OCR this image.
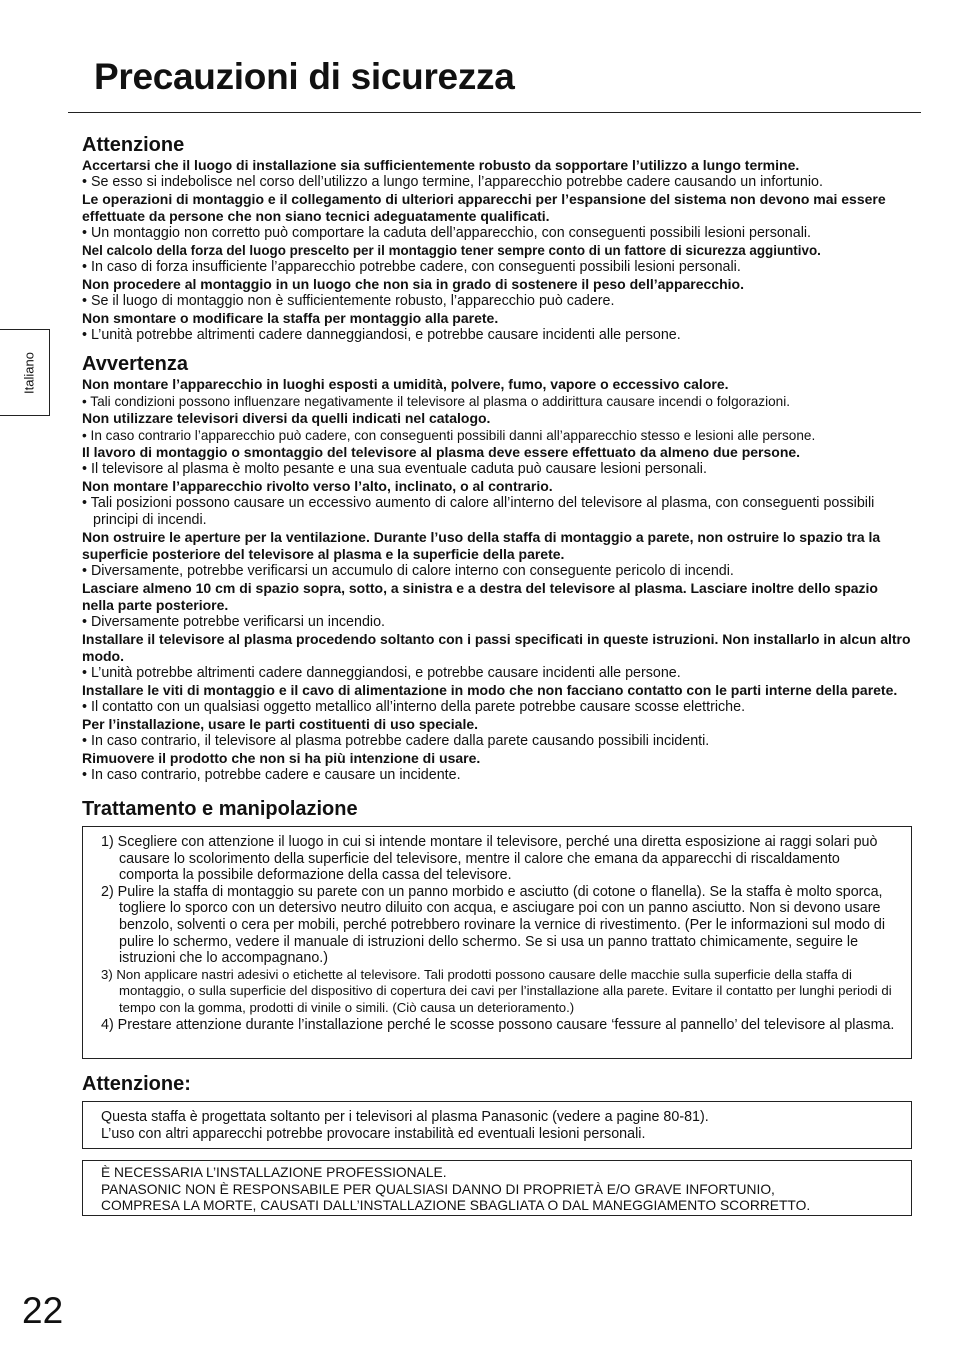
Precauzioni di sicurezza
Italiano
Attenzione

Accertarsi che il luogo di installazione sia sufficientemente robusto da sopportare l’utilizzo a lungo termine.

• Se esso si indebolisce nel corso dell’utilizzo a lungo termine, l’apparecchio potrebbe cadere causando un infortunio.

Le operazioni di montaggio e il collegamento di ulteriori apparecchi per l’espansione del sistema non devono mai essere effettuate da persone che non siano tecnici adeguatamente qualificati.

• Un montaggio non corretto può comportare la caduta dell’apparecchio, con conseguenti possibili lesioni personali.

Nel calcolo della forza del luogo prescelto per il montaggio tener sempre conto di un fattore di sicurezza aggiuntivo.

• In caso di forza insufficiente l’apparecchio potrebbe cadere, con conseguenti possibili lesioni personali.

Non procedere al montaggio in un luogo che non sia in grado di sostenere il peso dell’apparecchio.

• Se il luogo di montaggio non è sufficientemente robusto, l’apparecchio può cadere.

Non smontare o modificare la staffa per montaggio alla parete.

• L’unità potrebbe altrimenti cadere danneggiandosi, e potrebbe causare incidenti alle persone.

Avvertenza

Non montare l’apparecchio in luoghi esposti a umidità, polvere, fumo, vapore o eccessivo calore.

• Tali condizioni possono influenzare negativamente il televisore al plasma o addirittura causare incendi o folgorazioni.

Non utilizzare televisori diversi da quelli indicati nel catalogo.

• In caso contrario l’apparecchio può cadere, con conseguenti possibili danni all’apparecchio stesso e lesioni alle persone.

Il lavoro di montaggio o smontaggio del televisore al plasma deve essere effettuato da almeno due persone.

• Il televisore al plasma è molto pesante e una sua eventuale caduta può causare lesioni personali.

Non montare l’apparecchio rivolto verso l’alto, inclinato, o al contrario.

• Tali posizioni possono causare un eccessivo aumento di calore all’interno del televisore al plasma, con conseguenti possibili principi di incendi.

Non ostruire le aperture per la ventilazione. Durante l’uso della staffa di montaggio a parete, non ostruire lo spazio tra la superficie posteriore del televisore al plasma e la superficie della parete.

• Diversamente, potrebbe verificarsi un accumulo di calore interno con conseguente pericolo di incendi.

Lasciare almeno 10 cm di spazio sopra, sotto, a sinistra e a destra del televisore al plasma. Lasciare inoltre dello spazio nella parte posteriore.

• Diversamente potrebbe verificarsi un incendio.

Installare il televisore al plasma procedendo soltanto con i passi specificati in queste istruzioni. Non installarlo in alcun altro modo.

• L’unità potrebbe altrimenti cadere danneggiandosi, e potrebbe causare incidenti alle persone.

Installare le viti di montaggio e il cavo di alimentazione in modo che non facciano contatto con le parti interne della parete.

• Il contatto con un qualsiasi oggetto metallico all’interno della parete potrebbe causare scosse elettriche.

Per l’installazione, usare le parti costituenti di uso speciale.

• In caso contrario, il televisore al plasma potrebbe cadere dalla parete causando possibili incidenti.

Rimuovere il prodotto che non si ha più intenzione di usare.

• In caso contrario, potrebbe cadere e causare un incidente.

Trattamento e manipolazione

1) Scegliere con attenzione il luogo in cui si intende montare il televisore, perché una diretta esposizione ai raggi solari può causare lo scolorimento della superficie del televisore, mentre il calore che emana da apparecchi di riscaldamento comporta la possibile deformazione della cassa del televisore.

2) Pulire la staffa di montaggio su parete con un panno morbido e asciutto (di cotone o flanella). Se la staffa è molto sporca, togliere lo sporco con un detersivo neutro diluito con acqua, e asciugare poi con un panno asciutto. Non si devono usare benzolo, solventi o cera per mobili, perché potrebbero rovinare la vernice di rivestimento. (Per le informazioni sul modo di pulire lo schermo, vedere il manuale di istruzioni dello schermo. Se si usa un panno trattato chimicamente, seguire le istruzioni che lo accompagnano.)

3) Non applicare nastri adesivi o etichette al televisore. Tali prodotti possono causare delle macchie sulla superficie della staffa di montaggio, o sulla superficie del dispositivo di copertura dei cavi per l’installazione alla parete. Evitare il contatto per lunghi periodi di tempo con la gomma, prodotti di vinile o simili. (Ciò causa un deterioramento.)

4) Prestare attenzione durante l’installazione perché le scosse possono causare ‘fessure al pannello’ del televisore al plasma.

Attenzione:

Questa staffa è progettata soltanto per i televisori al plasma Panasonic (vedere a pagine 80-81).

L’uso con altri apparecchi potrebbe provocare instabilità ed eventuali lesioni personali.

È NECESSARIA L’INSTALLAZIONE PROFESSIONALE.

PANASONIC NON È RESPONSABILE PER QUALSIASI DANNO DI PROPRIETÀ E/O GRAVE INFORTUNIO,

COMPRESA LA MORTE, CAUSATI DALL’INSTALLAZIONE SBAGLIATA O DAL MANEGGIAMENTO SCORRETTO.

22
